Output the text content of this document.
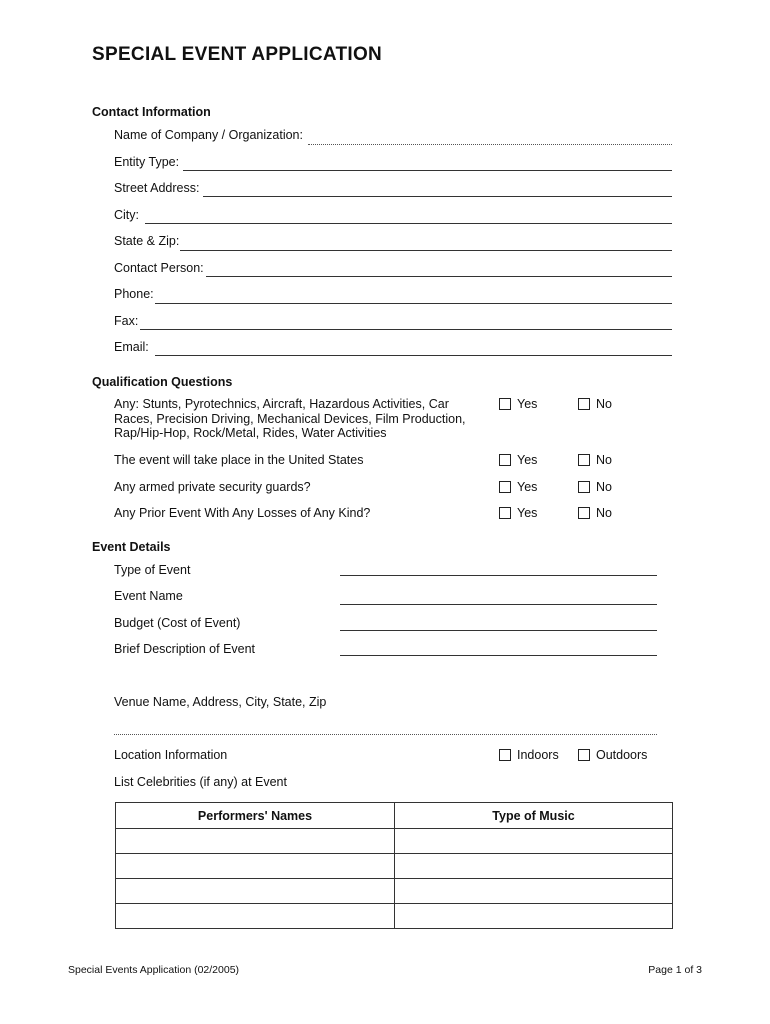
SPECIAL EVENT APPLICATION
Contact Information
Name of Company / Organization:
Entity Type:
Street Address:
City:
State & Zip:
Contact Person:
Phone:
Fax:
Email:
Qualification Questions
Any: Stunts, Pyrotechnics, Aircraft, Hazardous Activities, Car Races, Precision Driving, Mechanical Devices, Film Production, Rap/Hip-Hop, Rock/Metal, Rides, Water Activities
Yes	No
The event will take place in the United States	Yes	No
Any armed private security guards?	Yes	No
Any Prior Event With Any Losses of Any Kind?	Yes	No
Event Details
Type of Event
Event Name
Budget (Cost of Event)
Brief Description of Event
Venue Name, Address, City, State, Zip
Location Information	Indoors	Outdoors
List Celebrities (if any) at Event
Performers' Names	Type of Music

Special Events Application (02/2005)	Page 1 of 3
